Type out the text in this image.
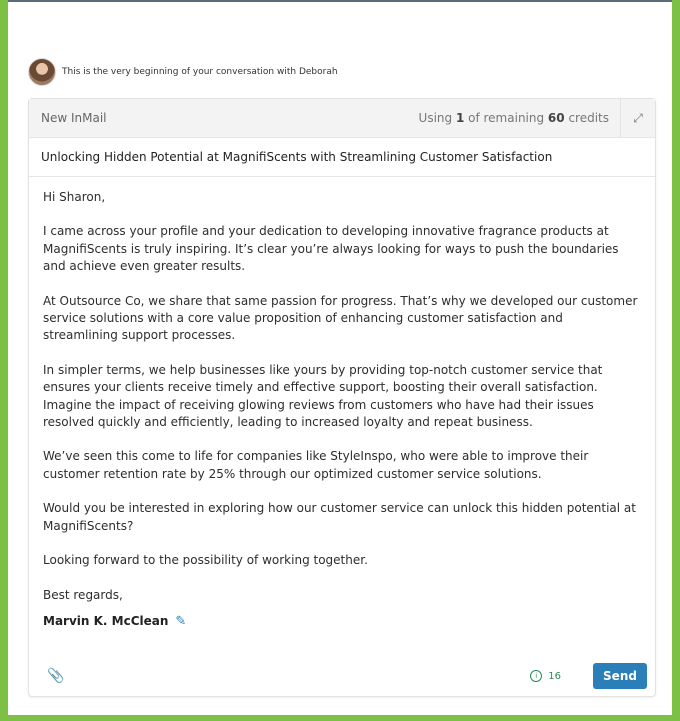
This is the very beginning of your conversation with Deborah
New InMail	Using 1 of remaining 60 credits	⤢
Unlocking Hidden Potential at MagnifiScents with Streamlining Customer Satisfaction

Hi Sharon,

I came across your profile and your dedication to developing innovative fragrance products at MagnifiScents is truly inspiring. It’s clear you’re always looking for ways to push the boundaries and achieve even greater results.

At Outsource Co, we share that same passion for progress. That’s why we developed our customer service solutions with a core value proposition of enhancing customer satisfaction and streamlining support processes.

In simpler terms, we help businesses like yours by providing top-notch customer service that ensures your clients receive timely and effective support, boosting their overall satisfaction.
Imagine the impact of receiving glowing reviews from customers who have had their issues resolved quickly and efficiently, leading to increased loyalty and repeat business.

We’ve seen this come to life for companies like StyleInspo, who were able to improve their customer retention rate by 25% through our optimized customer service solutions.

Would you be interested in exploring how our customer service can unlock this hidden potential at MagnifiScents?

Looking forward to the possibility of working together.

Best regards,

Marvin K. McClean ✎
📎	i	16	Send
